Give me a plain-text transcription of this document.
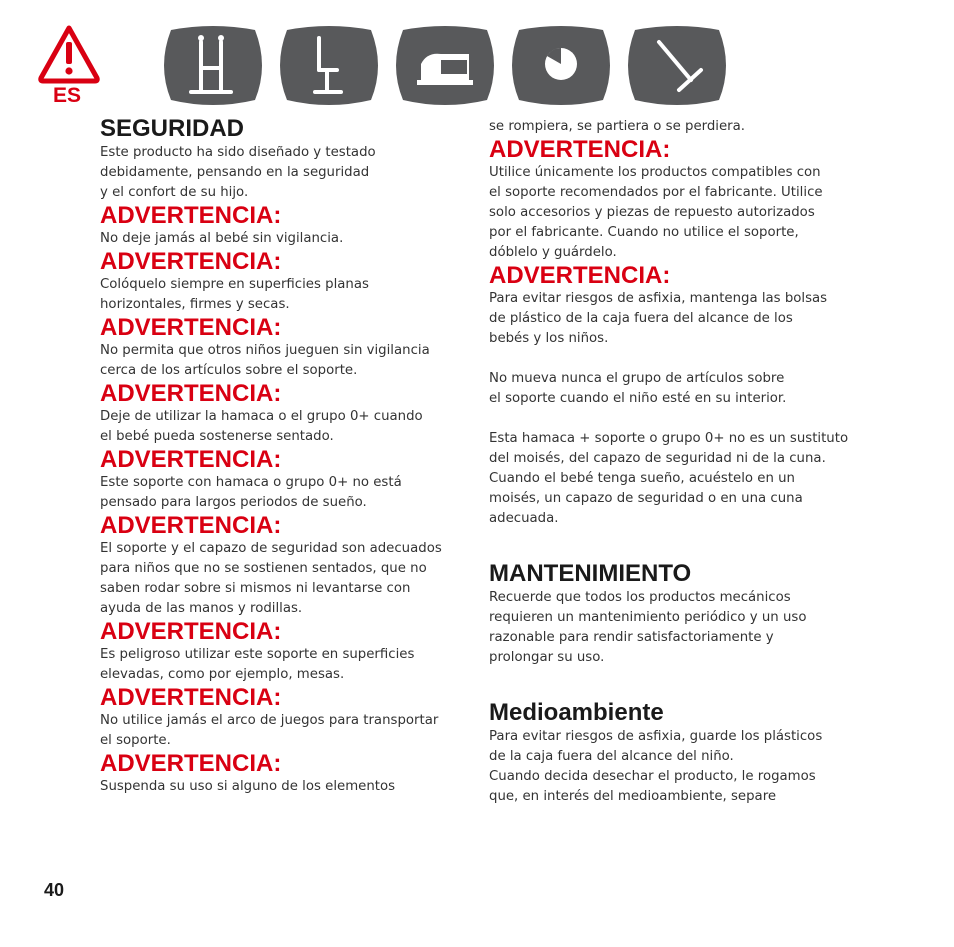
ES
SEGURIDAD
Este producto ha sido diseñado y testado
debidamente, pensando en la seguridad
y el confort de su hijo.
ADVERTENCIA:
No deje jamás al bebé sin vigilancia.
ADVERTENCIA:
Colóquelo siempre en superficies planas
horizontales, firmes y secas.
ADVERTENCIA:
No permita que otros niños jueguen sin vigilancia
cerca de los artículos sobre el soporte.
ADVERTENCIA:
Deje de utilizar la hamaca o el grupo 0+ cuando
el bebé pueda sostenerse sentado.
ADVERTENCIA:
Este soporte con hamaca o grupo 0+ no está
pensado para largos periodos de sueño.
ADVERTENCIA:
El soporte y el capazo de seguridad son adecuados
para niños que no se sostienen sentados, que no
saben rodar sobre si mismos ni levantarse con
ayuda de las manos y rodillas.
ADVERTENCIA:
Es peligroso utilizar este soporte en superficies
elevadas, como por ejemplo, mesas.
ADVERTENCIA:
No utilice jamás el arco de juegos para transportar
el soporte.
ADVERTENCIA:
Suspenda su uso si alguno de los elementos
se rompiera, se partiera o se perdiera.
ADVERTENCIA:
Utilice únicamente los productos compatibles con
el soporte recomendados por el fabricante. Utilice
solo accesorios y piezas de repuesto autorizados
por el fabricante. Cuando no utilice el soporte,
dóblelo y guárdelo.
ADVERTENCIA:
Para evitar riesgos de asfixia, mantenga las bolsas
de plástico de la caja fuera del alcance de los
bebés y los niños.
No mueva nunca el grupo de artículos sobre
el soporte cuando el niño esté en su interior.
Esta hamaca + soporte o grupo 0+ no es un sustituto
del moisés, del capazo de seguridad ni de la cuna.
Cuando el bebé tenga sueño, acuéstelo en un
moisés, un capazo de seguridad o en una cuna
adecuada.
MANTENIMIENTO
Recuerde que todos los productos mecánicos
requieren un mantenimiento periódico y un uso
razonable para rendir satisfactoriamente y
prolongar su uso.
Medioambiente
Para evitar riesgos de asfixia, guarde los plásticos
de la caja fuera del alcance del niño.
Cuando decida desechar el producto, le rogamos
que, en interés del medioambiente, separe
40
